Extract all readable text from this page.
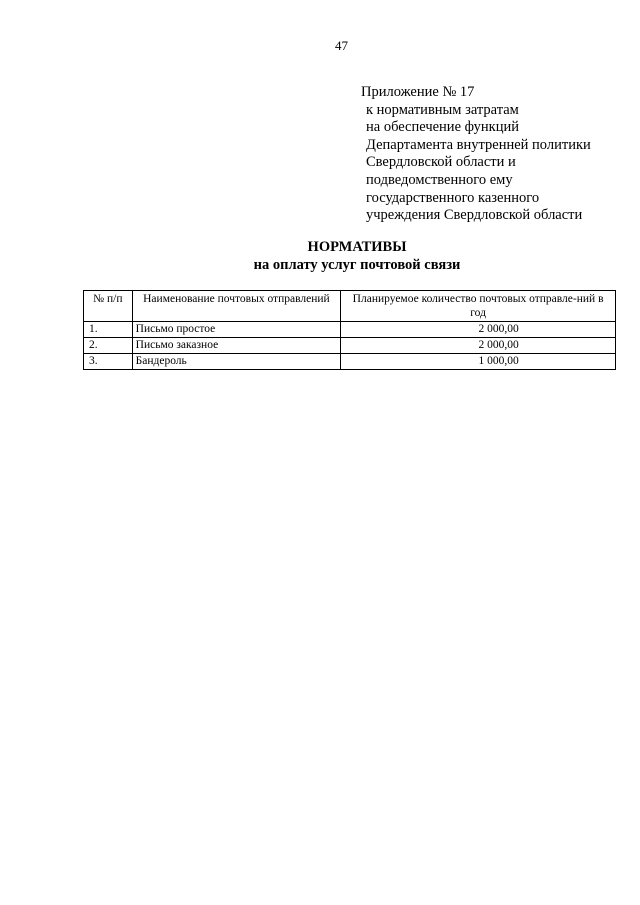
47
Приложение № 17
к нормативным затратам
на обеспечение функций
Департамента внутренней политики
Свердловской области и
подведомственного ему
государственного казенного
учреждения Свердловской области
НОРМАТИВЫ
на оплату услуг почтовой связи
№ п/п	Наименование почтовых отправлений	Планируемое количество почтовых отправле-ний в год
1.	Письмо простое	2 000,00
2.	Письмо заказное	2 000,00
3.	Бандероль	1 000,00
